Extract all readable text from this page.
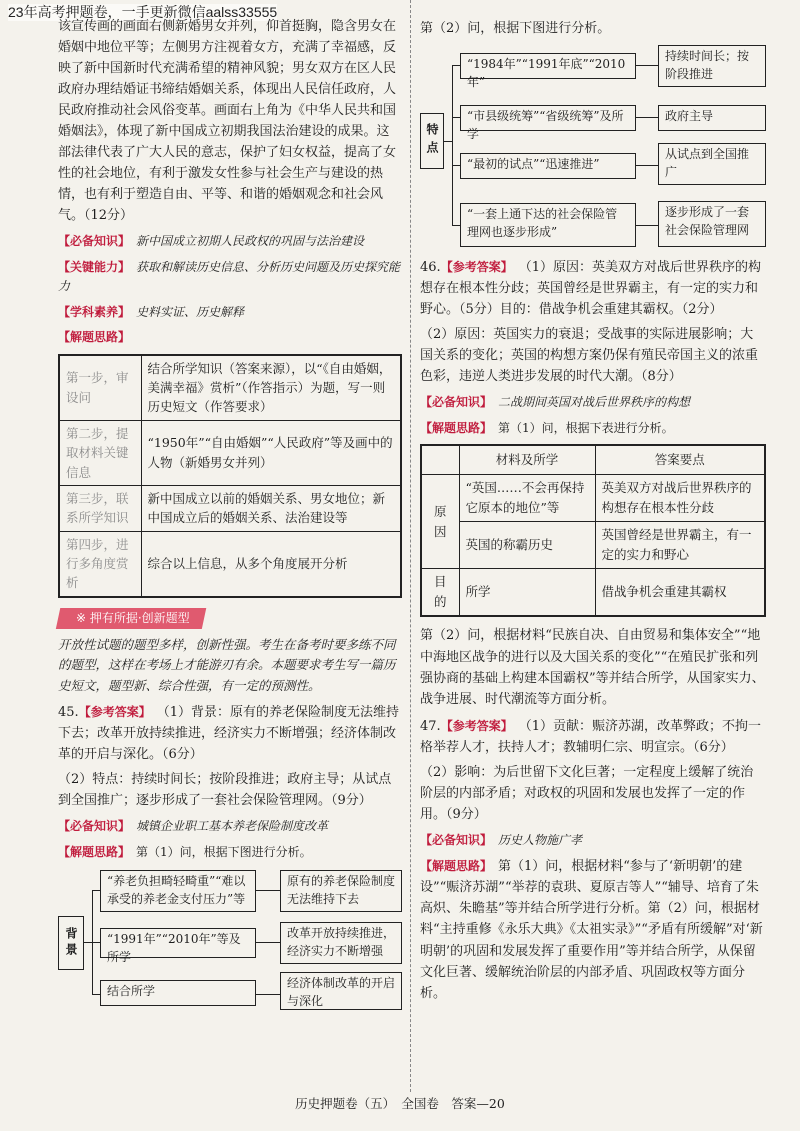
23年高考押题卷，一手更新微信aalss33555

该宣传画的画面右侧新婚男女并列，仰首挺胸，隐含男女在婚姻中地位平等；左侧男方注视着女方，充满了幸福感，反映了新中国新时代充满希望的精神风貌；男女双方在区人民政府办理结婚证书缔结婚姻关系，体现出人民信任政府，人民政府推动社会风俗变革。画面右上角为《中华人民共和国婚姻法》，体现了新中国成立初期我国法治建设的成果。这部法律代表了广大人民的意志，保护了妇女权益，提高了女性的社会地位，有利于激发女性参与社会生产与建设的热情，也有利于塑造自由、平等、和谐的婚姻观念和社会风气。（12分）

【必备知识】 新中国成立初期人民政权的巩固与法治建设
【关键能力】 获取和解读历史信息、分析历史问题及历史探究能力
【学科素养】 史料实证、历史解释
【解题思路】
第一步，审设问	结合所学知识（答案来源），以“《自由婚姻，美满幸福》赏析”（作答指示）为题，写一则历史短文（作答要求）
第二步，提取材料关键信息	“1950年”“自由婚姻”“人民政府”等及画中的人物（新婚男女并列）
第三步，联系所学知识	新中国成立以前的婚姻关系、男女地位；新中国成立后的婚姻关系、法治建设等
第四步，进行多角度赏析	综合以上信息，从多个角度展开分析
※ 押有所据·创新题型

开放性试题的题型多样，创新性强。考生在备考时要多练不同的题型，这样在考场上才能游刃有余。本题要求考生写一篇历史短文，题型新、综合性强，有一定的预测性。

45.【参考答案】 （1）背景：原有的养老保险制度无法维持下去；改革开放持续推进，经济实力不断增强；经济体制改革的开启与深化。（6分）

（2）特点：持续时间长；按阶段推进；政府主导；从试点到全国推广；逐步形成了一套社会保险管理网。（9分）

【必备知识】 城镇企业职工基本养老保险制度改革
【解题思路】 第（1）问，根据下图进行分析。
背景
“养老负担畸轻畸重”“难以承受的养老金支付压力”等
“1991年”“2010年”等及所学
结合所学
原有的养老保险制度无法维持下去
改革开放持续推进，经济实力不断增强
经济体制改革的开启与深化

第（2）问，根据下图进行分析。

特点
“1984年”“1991年底”“2010年”
“市县级统筹”“省级统筹”及所学
“最初的试点”“迅速推进”
“一套上通下达的社会保险管理网也逐步形成”
持续时间长；按阶段推进
政府主导
从试点到全国推广
逐步形成了一套社会保险管理网

46.【参考答案】 （1）原因：英美双方对战后世界秩序的构想存在根本性分歧；英国曾经是世界霸主，有一定的实力和野心。（5分）目的：借战争机会重建其霸权。（2分）

（2）原因：英国实力的衰退；受战事的实际进展影响；大国关系的变化；英国的构想方案仍保有殖民帝国主义的浓重色彩，违逆人类进步发展的时代大潮。（8分）

【必备知识】 二战期间英国对战后世界秩序的构想
【解题思路】 第（1）问，根据下表进行分析。
	材料及所学	答案要点
原因	“英国……不会再保持它原本的地位”等	英美双方对战后世界秩序的构想存在根本性分歧
	英国的称霸历史	英国曾经是世界霸主，有一定的实力和野心
目的	所学	借战争机会重建其霸权

第（2）问，根据材料“民族自决、自由贸易和集体安全”“地中海地区战争的进行以及大国关系的变化”“在殖民扩张和列强协商的基础上构建本国霸权”等并结合所学，从国家实力、战争进展、时代潮流等方面分析。

47.【参考答案】 （1）贡献：赈济苏湖，改革弊政；不拘一格举荐人才，扶持人才；教辅明仁宗、明宣宗。（6分）

（2）影响：为后世留下文化巨著；一定程度上缓解了统治阶层的内部矛盾；对政权的巩固和发展也发挥了一定的作用。（9分）

【必备知识】 历史人物施广孝

【解题思路】 第（1）问，根据材料“参与了‘新明朝’的建设”“赈济苏湖”“举荐的袁珙、夏原吉等人”“辅导、培育了朱高炽、朱瞻基”等并结合所学进行分析。第（2）问，根据材料“主持重修《永乐大典》《太祖实录》”“矛盾有所缓解”对‘新明朝’的巩固和发展发挥了重要作用”等并结合所学，从保留文化巨著、缓解统治阶层的内部矛盾、巩固政权等方面分析。

历史押题卷（五）　全国卷　答案—20
